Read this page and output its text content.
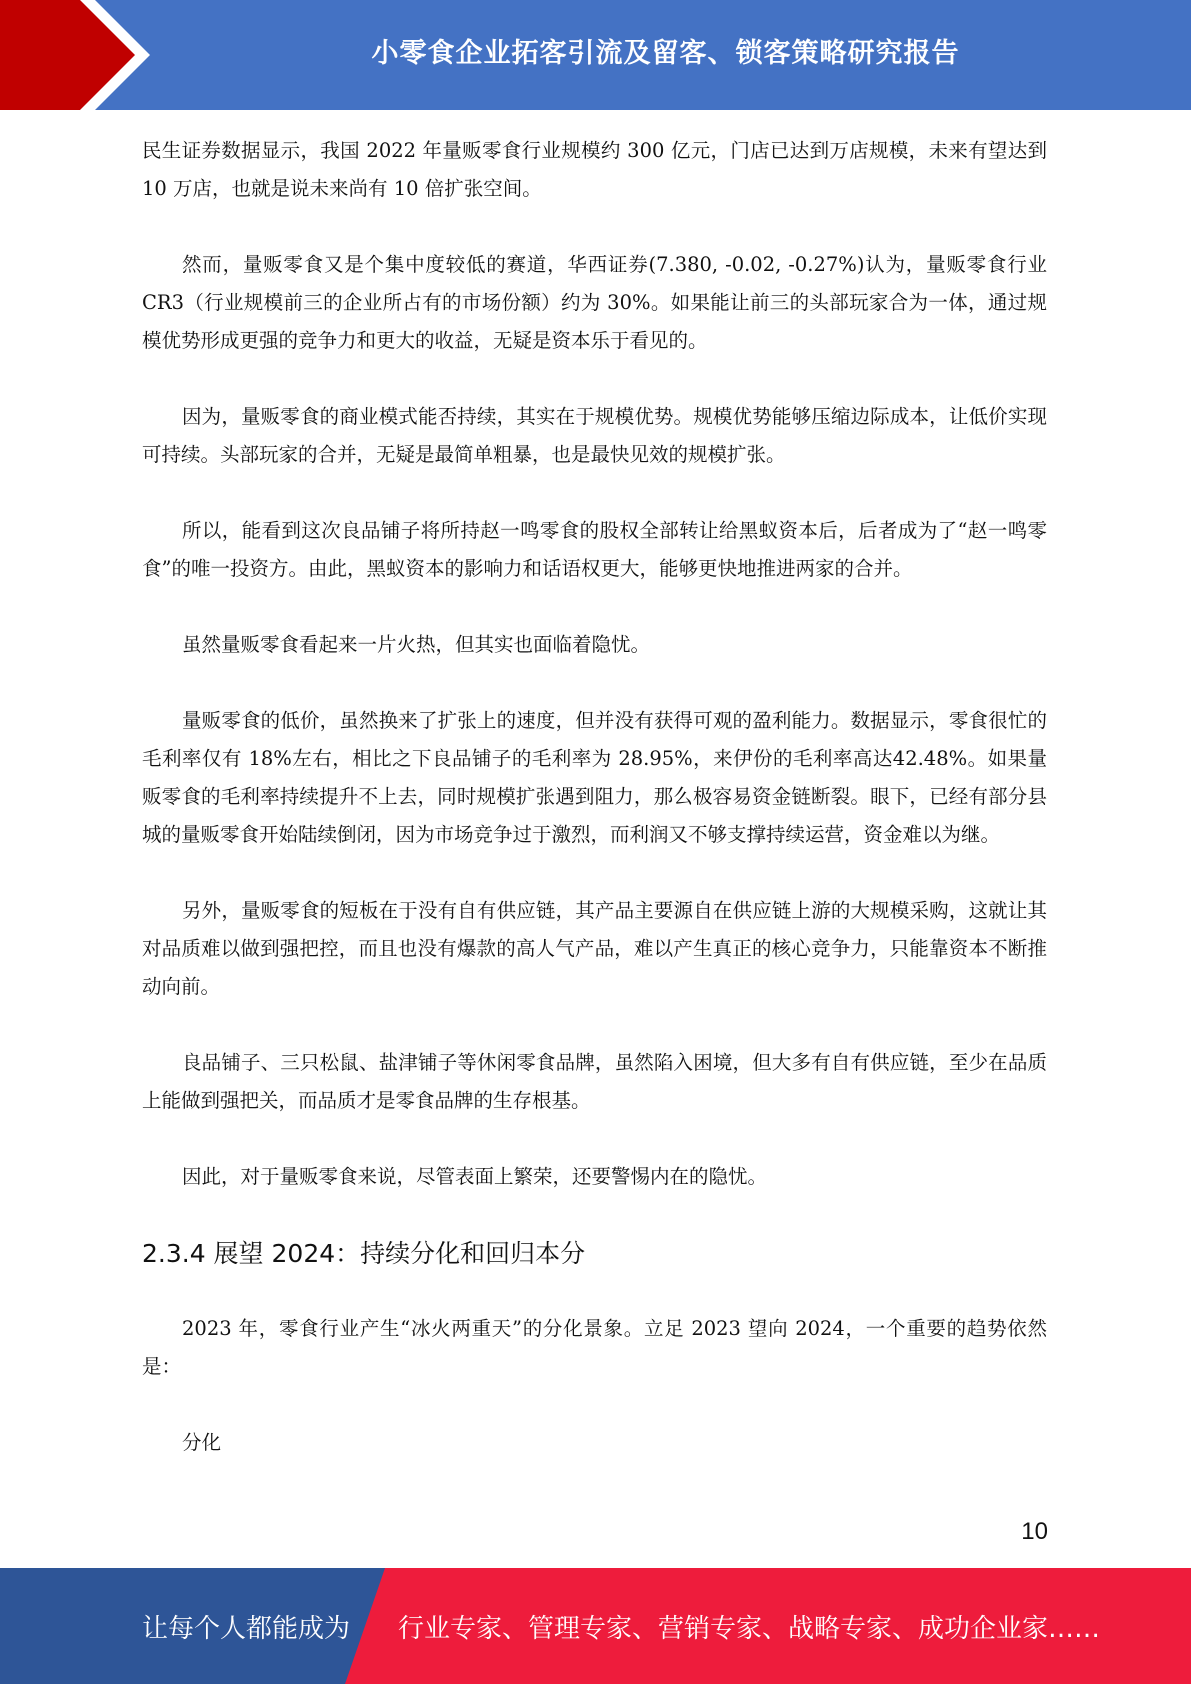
小零食企业拓客引流及留客、锁客策略研究报告

民生证券数据显示，我国 2022 年量贩零食行业规模约 300 亿元，门店已达到万店规模，未来有望达到 10 万店，也就是说未来尚有 10 倍扩张空间。

然而，量贩零食又是个集中度较低的赛道，华西证券(7.380, -0.02, -0.27%)认为，量贩零食行业 CR3（行业规模前三的企业所占有的市场份额）约为 30%。如果能让前三的头部玩家合为一体，通过规模优势形成更强的竞争力和更大的收益，无疑是资本乐于看见的。

因为，量贩零食的商业模式能否持续，其实在于规模优势。规模优势能够压缩边际成本，让低价实现可持续。头部玩家的合并，无疑是最简单粗暴，也是最快见效的规模扩张。

所以，能看到这次良品铺子将所持赵一鸣零食的股权全部转让给黑蚁资本后，后者成为了“赵一鸣零食”的唯一投资方。由此，黑蚁资本的影响力和话语权更大，能够更快地推进两家的合并。

虽然量贩零食看起来一片火热，但其实也面临着隐忧。

量贩零食的低价，虽然换来了扩张上的速度，但并没有获得可观的盈利能力。数据显示，零食很忙的毛利率仅有 18%左右，相比之下良品铺子的毛利率为 28.95%，来伊份的毛利率高达42.48%。如果量贩零食的毛利率持续提升不上去，同时规模扩张遇到阻力，那么极容易资金链断裂。眼下，已经有部分县城的量贩零食开始陆续倒闭，因为市场竞争过于激烈，而利润又不够支撑持续运营，资金难以为继。

另外，量贩零食的短板在于没有自有供应链，其产品主要源自在供应链上游的大规模采购，这就让其对品质难以做到强把控，而且也没有爆款的高人气产品，难以产生真正的核心竞争力，只能靠资本不断推动向前。

良品铺子、三只松鼠、盐津铺子等休闲零食品牌，虽然陷入困境，但大多有自有供应链，至少在品质上能做到强把关，而品质才是零食品牌的生存根基。

因此，对于量贩零食来说，尽管表面上繁荣，还要警惕内在的隐忧。

2.3.4 展望 2024：持续分化和回归本分

2023 年，零食行业产生“冰火两重天”的分化景象。立足 2023 望向 2024，一个重要的趋势依然是：

分化

10
让每个人都能成为 行业专家、管理专家、营销专家、战略专家、成功企业家……
